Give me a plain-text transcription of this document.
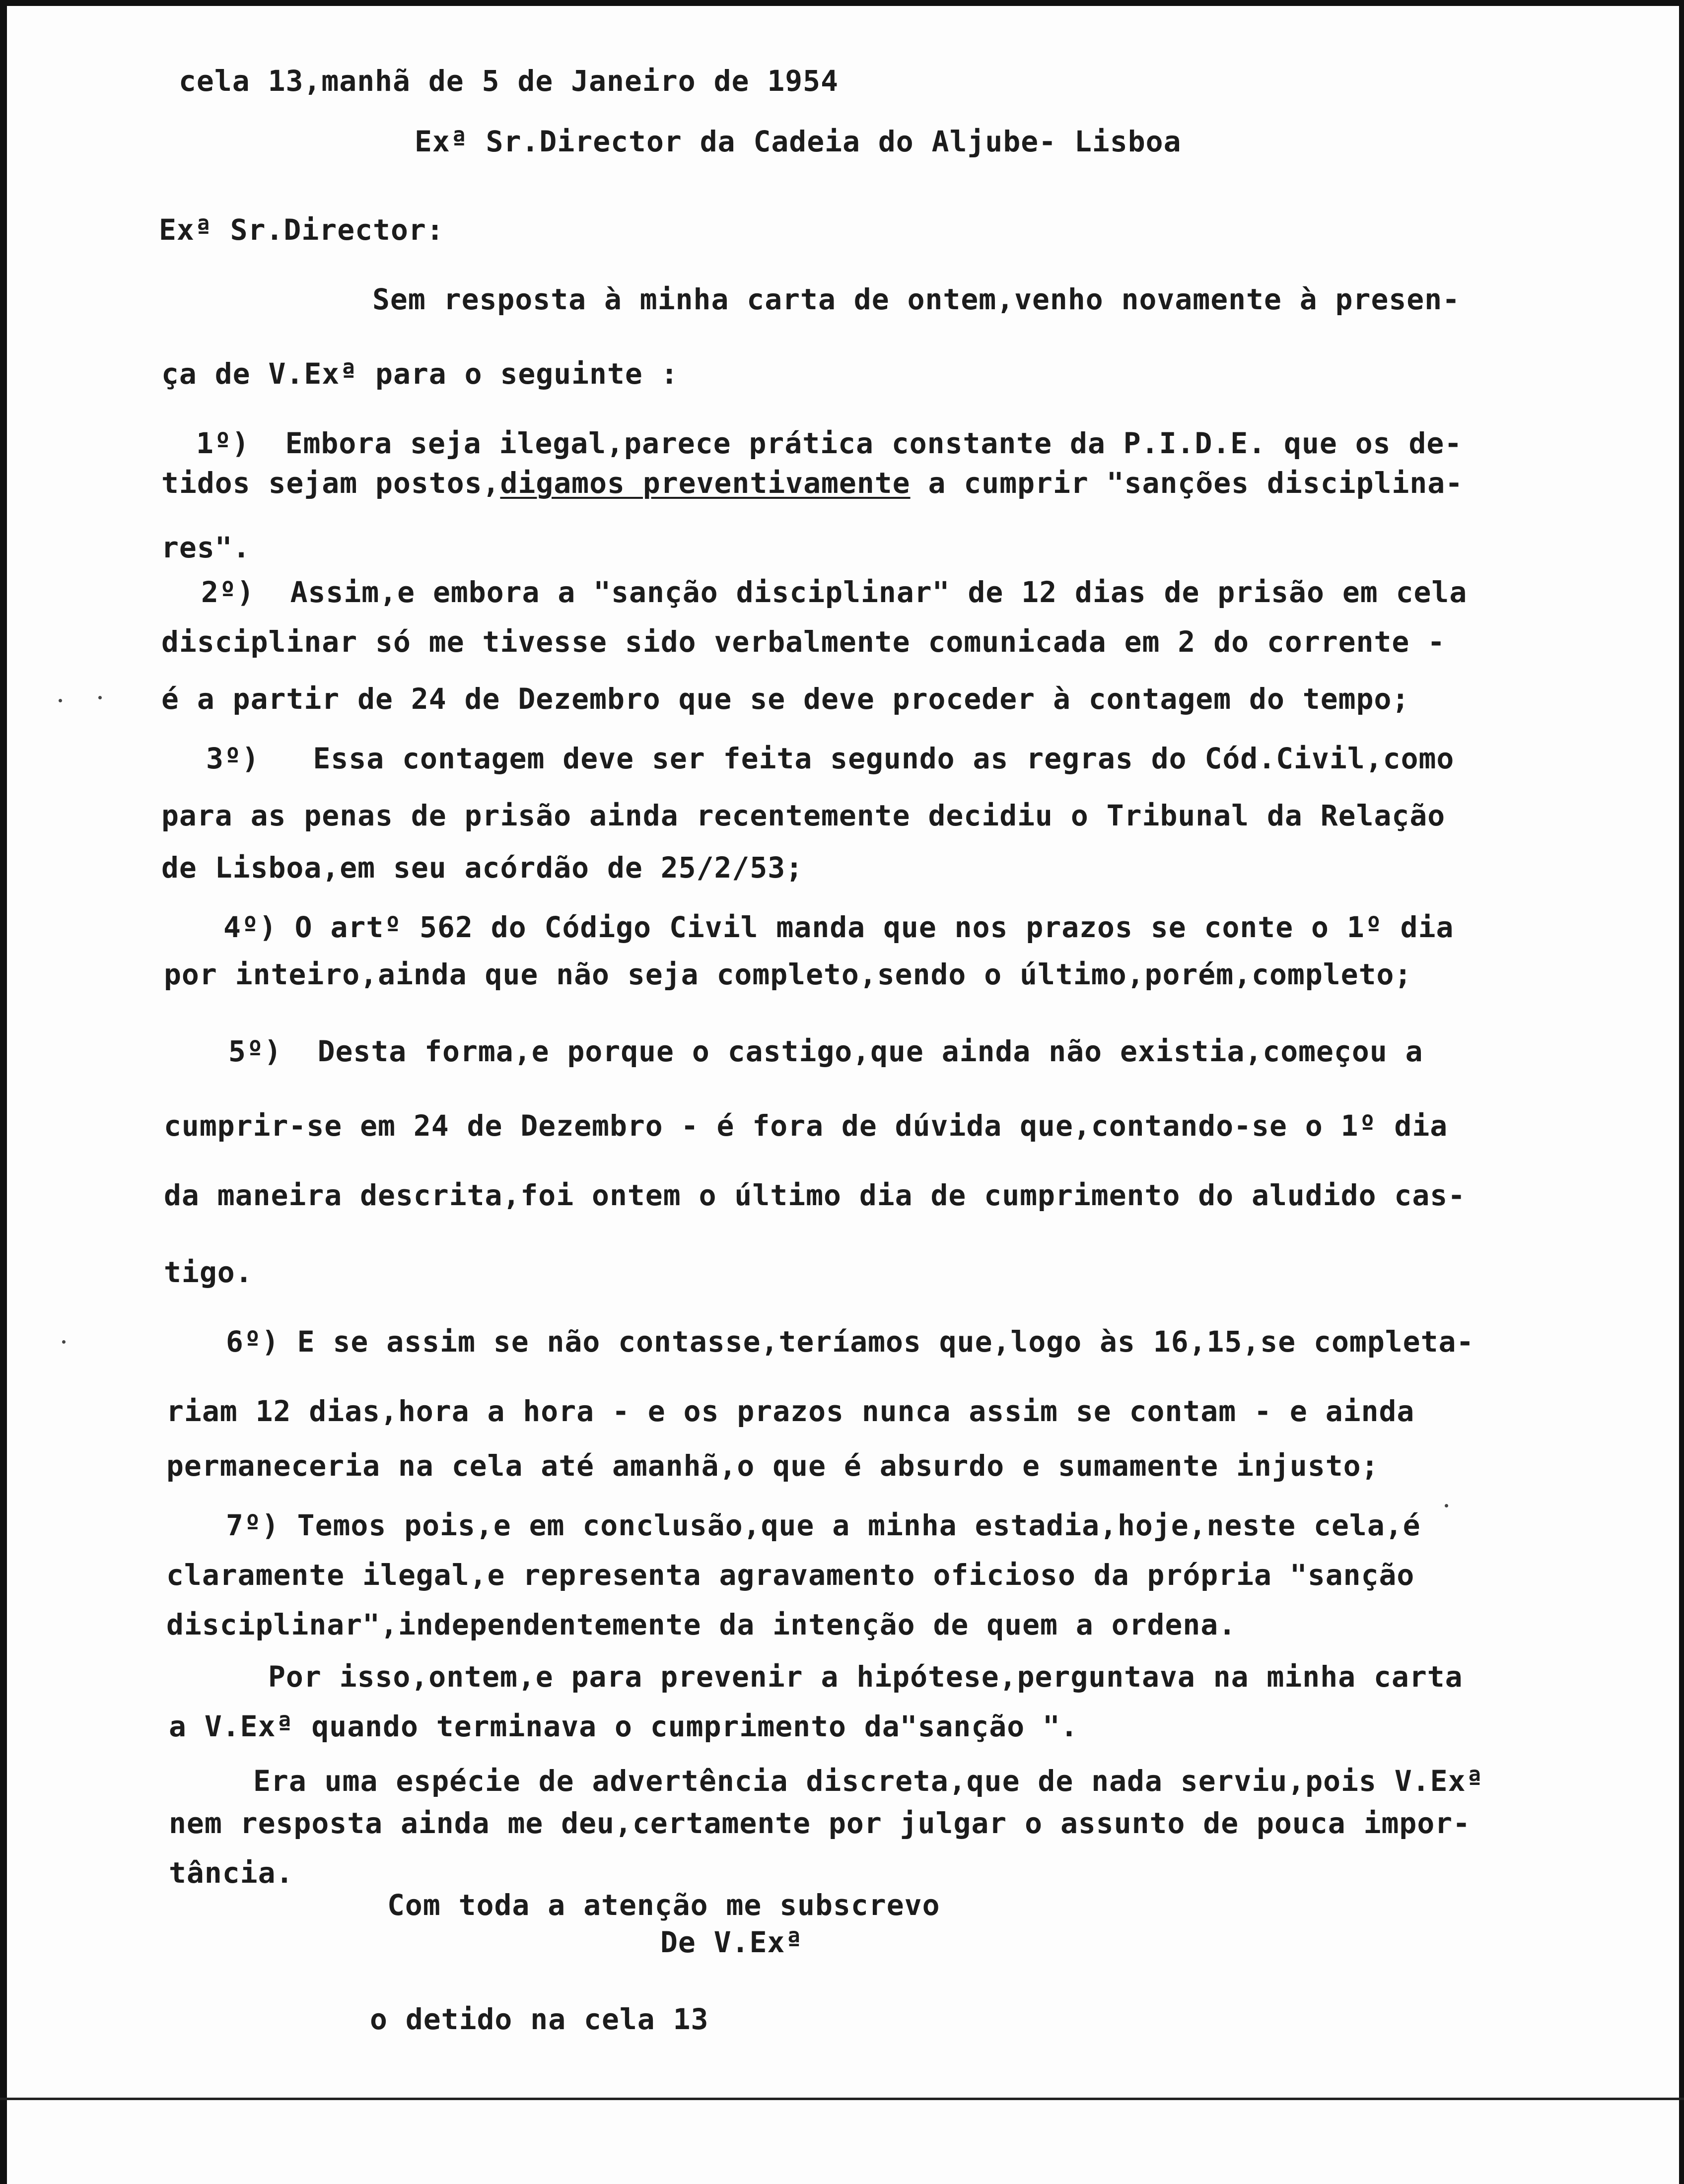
cela 13,manhã de 5 de Janeiro de 1954
Exª Sr.Director da Cadeia do Aljube- Lisboa
Exª Sr.Director:
Sem resposta à minha carta de ontem,venho novamente à presen-
ça de V.Exª para o seguinte :
1º)  Embora seja ilegal,parece prática constante da P.I.D.E. que os de-
tidos sejam postos,digamos preventivamente a cumprir "sanções disciplina-
res".
2º)  Assim,e embora a "sanção disciplinar" de 12 dias de prisão em cela
disciplinar só me tivesse sido verbalmente comunicada em 2 do corrente -
é a partir de 24 de Dezembro que se deve proceder à contagem do tempo;
3º)   Essa contagem deve ser feita segundo as regras do Cód.Civil,como
para as penas de prisão ainda recentemente decidiu o Tribunal da Relação
de Lisboa,em seu acórdão de 25/2/53;
4º) O artº 562 do Código Civil manda que nos prazos se conte o 1º dia
por inteiro,ainda que não seja completo,sendo o último,porém,completo;
5º)  Desta forma,e porque o castigo,que ainda não existia,começou a
cumprir-se em 24 de Dezembro - é fora de dúvida que,contando-se o 1º dia
da maneira descrita,foi ontem o último dia de cumprimento do aludido cas-
tigo.
6º) E se assim se não contasse,teríamos que,logo às 16,15,se completa-
riam 12 dias,hora a hora - e os prazos nunca assim se contam - e ainda
permaneceria na cela até amanhã,o que é absurdo e sumamente injusto;
7º) Temos pois,e em conclusão,que a minha estadia,hoje,neste cela,é
claramente ilegal,e representa agravamento oficioso da própria "sanção
disciplinar",independentemente da intenção de quem a ordena.
Por isso,ontem,e para prevenir a hipótese,perguntava na minha carta
a V.Exª quando terminava o cumprimento da"sanção ".
Era uma espécie de advertência discreta,que de nada serviu,pois V.Exª
nem resposta ainda me deu,certamente por julgar o assunto de pouca impor-
tância.
Com toda a atenção me subscrevo
De V.Exª
o detido na cela 13
